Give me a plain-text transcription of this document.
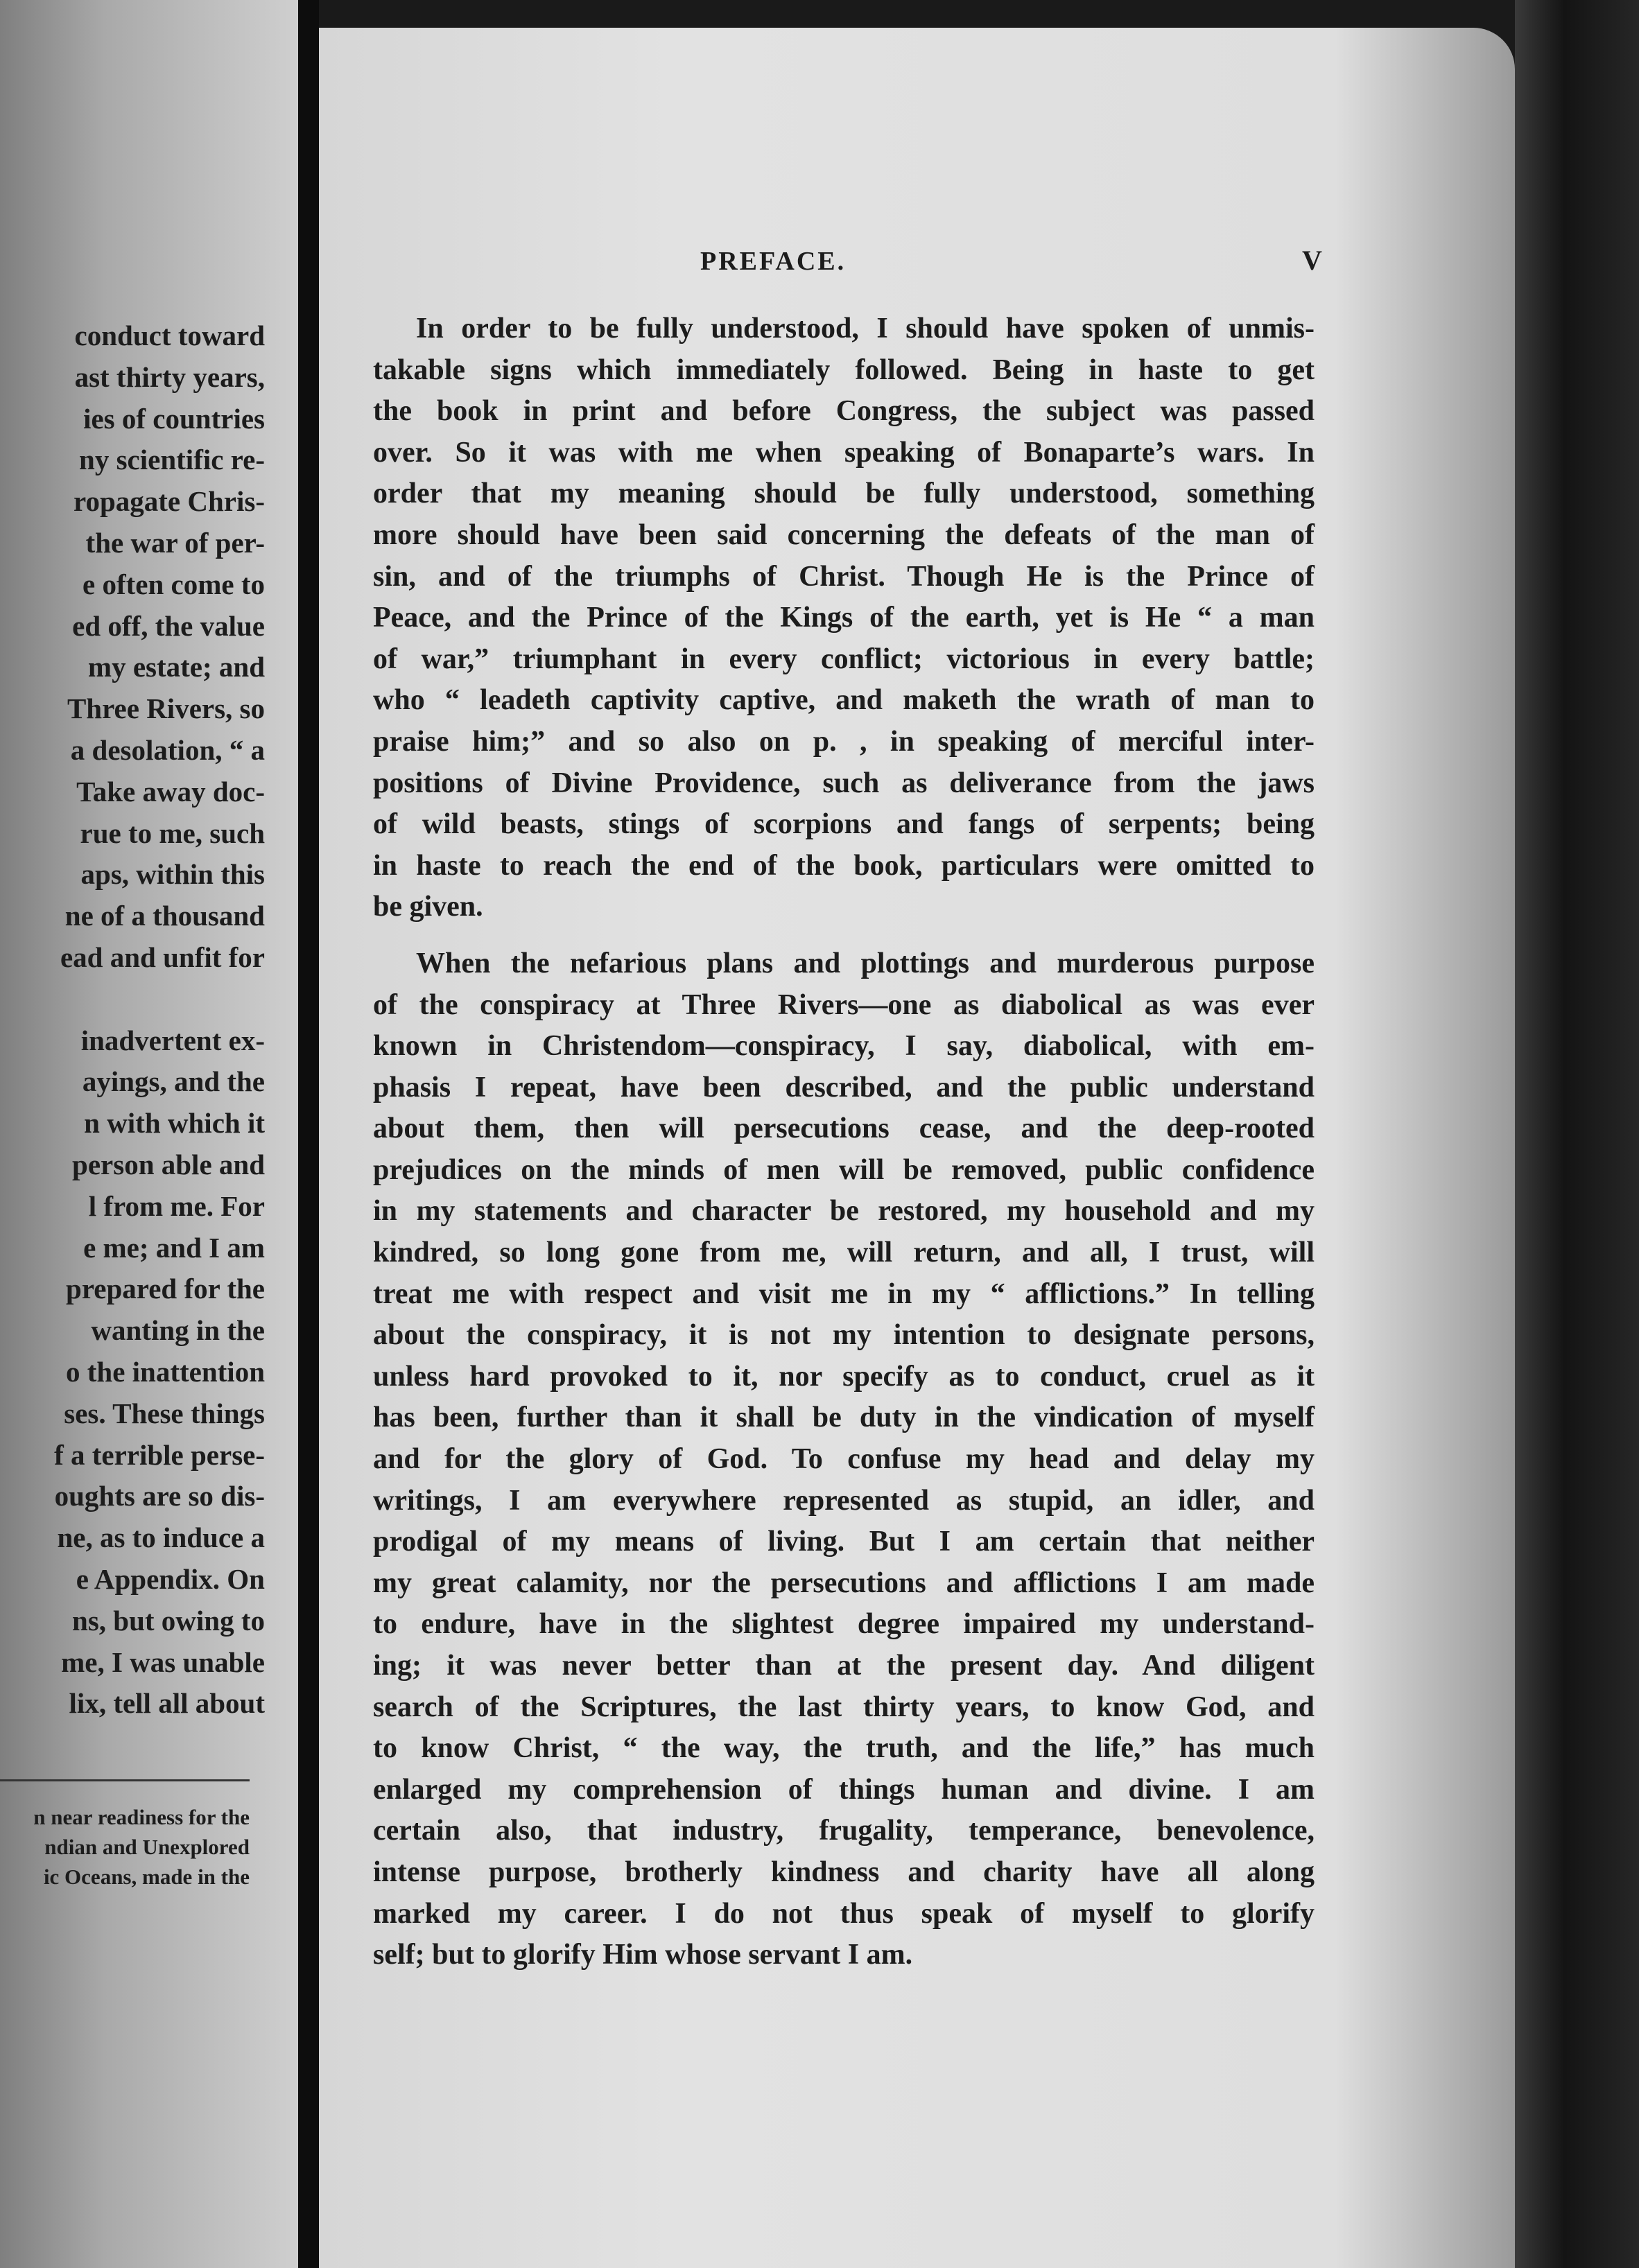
conduct toward
ast thirty years,
ies of countries
ny scientific re-
ropagate Chris-
the war of per-
e often come to
ed off, the value
my estate; and
Three Rivers, so
a desolation, “ a
Take away doc-
rue to me, such
aps, within this
ne of a thousand
ead and unfit for
inadvertent ex-
ayings, and the
n with which it
person able and
l from me. For
e me; and I am
prepared for the
wanting in the
o the inattention
ses. These things
f a terrible perse-
oughts are so dis-
ne, as to induce a
e Appendix. On
ns, but owing to
me, I was unable
lix, tell all about
n near readiness for the
ndian and Unexplored
ic Oceans, made in the
PREFACE.	V
In order to be fully understood, I should have spoken of unmis-
takable signs which immediately followed. Being in haste to get
the book in print and before Congress, the subject was passed
over. So it was with me when speaking of Bonaparte’s wars. In
order that my meaning should be fully understood, something
more should have been said concerning the defeats of the man of
sin, and of the triumphs of Christ. Though He is the Prince of
Peace, and the Prince of the Kings of the earth, yet is He “ a man
of war,” triumphant in every conflict; victorious in every battle;
who “ leadeth captivity captive, and maketh the wrath of man to
praise him;” and so also on p. , in speaking of merciful inter-
positions of Divine Providence, such as deliverance from the jaws
of wild beasts, stings of scorpions and fangs of serpents; being
in haste to reach the end of the book, particulars were omitted to
be given.
When the nefarious plans and plottings and murderous purpose
of the conspiracy at Three Rivers—one as diabolical as was ever
known in Christendom—conspiracy, I say, diabolical, with em-
phasis I repeat, have been described, and the public understand
about them, then will persecutions cease, and the deep-rooted
prejudices on the minds of men will be removed, public confidence
in my statements and character be restored, my household and my
kindred, so long gone from me, will return, and all, I trust, will
treat me with respect and visit me in my “ afflictions.” In telling
about the conspiracy, it is not my intention to designate persons,
unless hard provoked to it, nor specify as to conduct, cruel as it
has been, further than it shall be duty in the vindication of myself
and for the glory of God. To confuse my head and delay my
writings, I am everywhere represented as stupid, an idler, and
prodigal of my means of living. But I am certain that neither
my great calamity, nor the persecutions and afflictions I am made
to endure, have in the slightest degree impaired my understand-
ing; it was never better than at the present day. And diligent
search of the Scriptures, the last thirty years, to know God, and
to know Christ, “ the way, the truth, and the life,” has much
enlarged my comprehension of things human and divine. I am
certain also, that industry, frugality, temperance, benevolence,
intense purpose, brotherly kindness and charity have all along
marked my career. I do not thus speak of myself to glorify
self; but to glorify Him whose servant I am.
